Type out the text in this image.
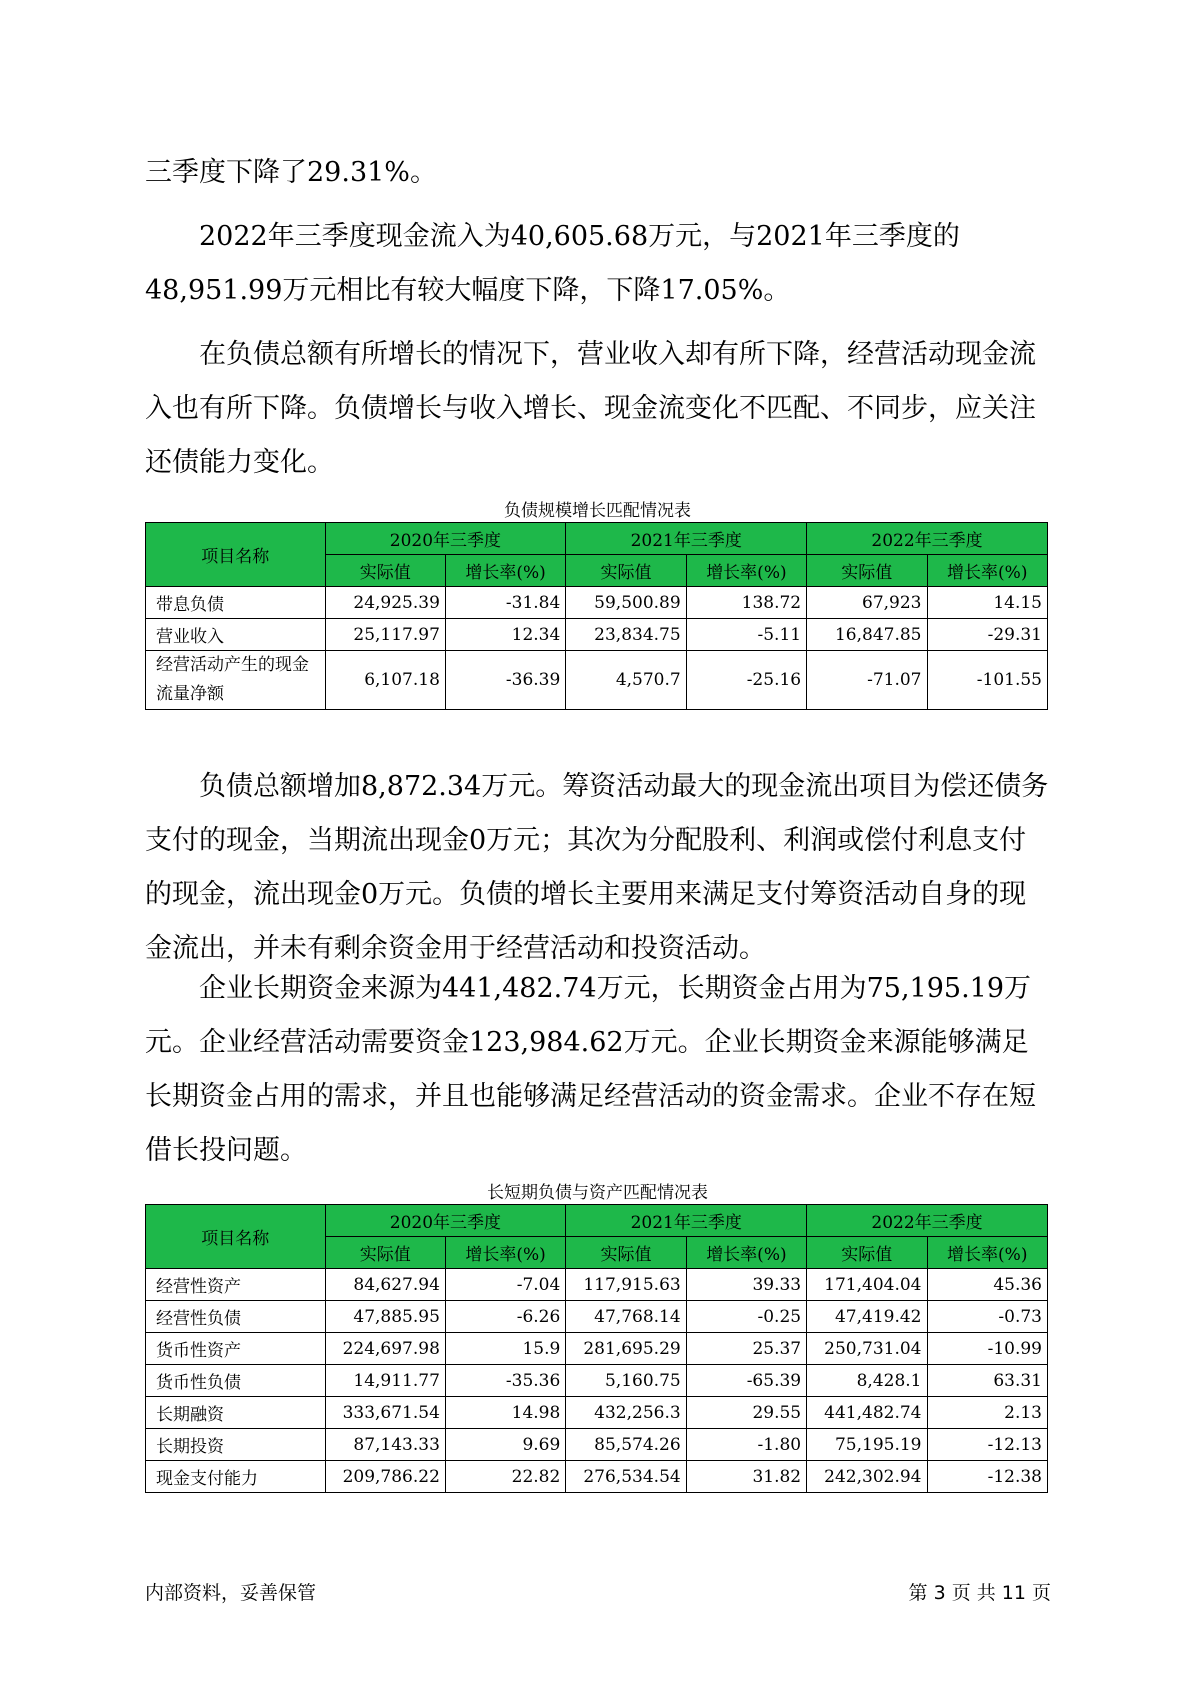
三季度下降了29.31%。

2022年三季度现金流入为40,605.68万元，与2021年三季度的48,951.99万元相比有较大幅度下降，下降17.05%。

在负债总额有所增长的情况下，营业收入却有所下降，经营活动现金流入也有所下降。负债增长与收入增长、现金流变化不匹配、不同步，应关注还债能力变化。

负债规模增长匹配情况表
项目名称	2020年三季度		2021年三季度		2022年三季度	
	实际值	增长率(%)	实际值	增长率(%)	实际值	增长率(%)
带息负债	24,925.39	-31.84	59,500.89	138.72	67,923	14.15
营业收入	25,117.97	12.34	23,834.75	-5.11	16,847.85	-29.31
经营活动产生的现金流量净额	6,107.18	-36.39	4,570.7	-25.16	-71.07	-101.55

负债总额增加8,872.34万元。筹资活动最大的现金流出项目为偿还债务支付的现金，当期流出现金0万元；其次为分配股利、利润或偿付利息支付的现金，流出现金0万元。负债的增长主要用来满足支付筹资活动自身的现金流出，并未有剩余资金用于经营活动和投资活动。

企业长期资金来源为441,482.74万元，长期资金占用为75,195.19万元。企业经营活动需要资金123,984.62万元。企业长期资金来源能够满足长期资金占用的需求，并且也能够满足经营活动的资金需求。企业不存在短借长投问题。

长短期负债与资产匹配情况表
项目名称	2020年三季度		2021年三季度		2022年三季度	
	实际值	增长率(%)	实际值	增长率(%)	实际值	增长率(%)
经营性资产	84,627.94	-7.04	117,915.63	39.33	171,404.04	45.36
经营性负债	47,885.95	-6.26	47,768.14	-0.25	47,419.42	-0.73
货币性资产	224,697.98	15.9	281,695.29	25.37	250,731.04	-10.99
货币性负债	14,911.77	-35.36	5,160.75	-65.39	8,428.1	63.31
长期融资	333,671.54	14.98	432,256.3	29.55	441,482.74	2.13
长期投资	87,143.33	9.69	85,574.26	-1.80	75,195.19	-12.13
现金支付能力	209,786.22	22.82	276,534.54	31.82	242,302.94	-12.38
内部资料，妥善保管	第 3 页 共 11 页
